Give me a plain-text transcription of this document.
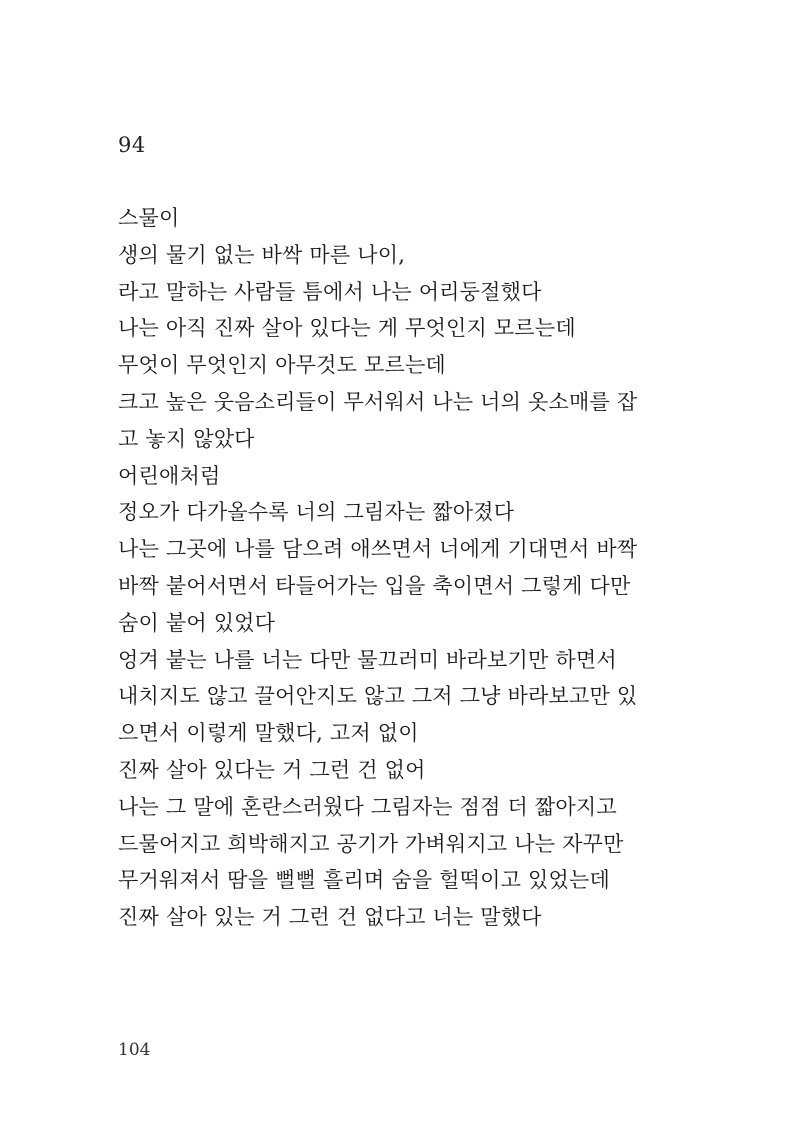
94
스물이
생의 물기 없는 바싹 마른 나이,
라고 말하는 사람들 틈에서 나는 어리둥절했다
나는 아직 진짜 살아 있다는 게 무엇인지 모르는데
무엇이 무엇인지 아무것도 모르는데
크고 높은 웃음소리들이 무서워서 나는 너의 옷소매를 잡
고 놓지 않았다
어린애처럼
정오가 다가올수록 너의 그림자는 짧아졌다
나는 그곳에 나를 담으려 애쓰면서 너에게 기대면서 바짝
바짝 붙어서면서 타들어가는 입을 축이면서 그렇게 다만
숨이 붙어 있었다
엉겨 붙는 나를 너는 다만 물끄러미 바라보기만 하면서
내치지도 않고 끌어안지도 않고 그저 그냥 바라보고만 있
으면서 이렇게 말했다, 고저 없이
진짜 살아 있다는 거 그런 건 없어
나는 그 말에 혼란스러웠다 그림자는 점점 더 짧아지고
드물어지고 희박해지고 공기가 가벼워지고 나는 자꾸만
무거워져서 땀을 뻘뻘 흘리며 숨을 헐떡이고 있었는데
진짜 살아 있는 거 그런 건 없다고 너는 말했다
104
